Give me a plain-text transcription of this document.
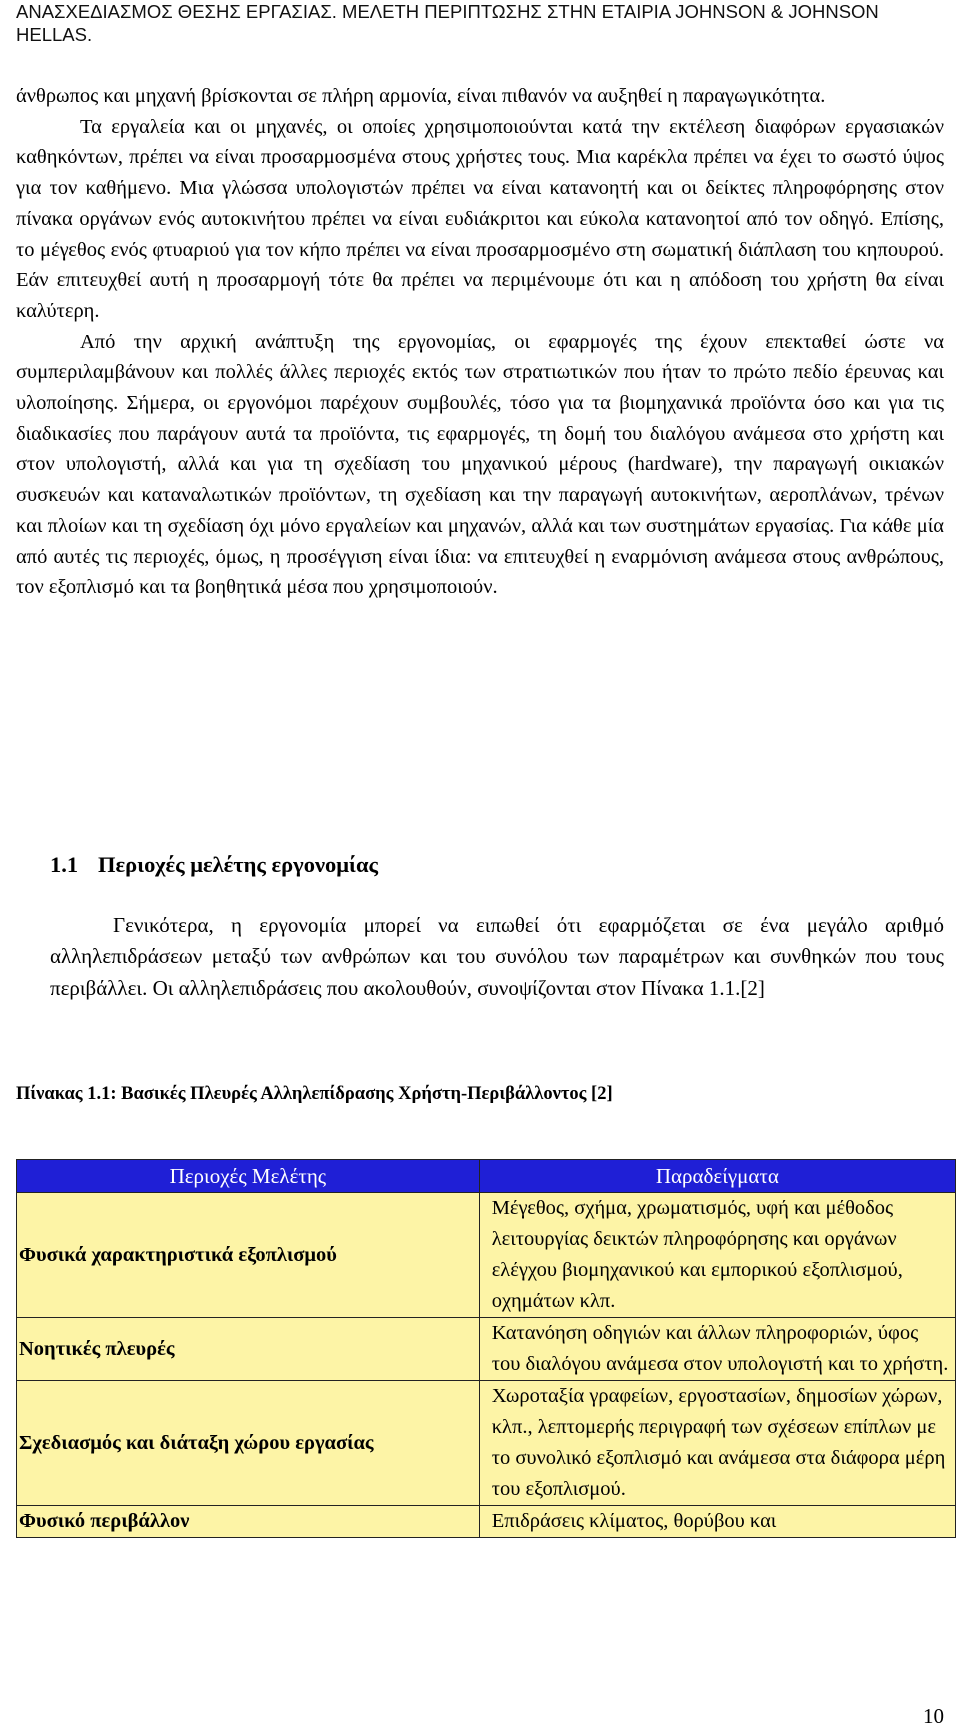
ΑΝΑΣΧΕΔΙΑΣΜΟΣ ΘΕΣΗΣ ΕΡΓΑΣΙΑΣ. ΜΕΛΕΤΗ ΠΕΡΙΠΤΩΣΗΣ ΣΤΗΝ ΕΤΑΙΡΙΑ JOHNSON & JOHNSON HELLAS.

άνθρωπος και μηχανή βρίσκονται σε πλήρη αρμονία, είναι πιθανόν να αυξηθεί η παραγωγικότητα.

Τα εργαλεία και οι μηχανές, οι οποίες χρησιμοποιούνται κατά την εκτέλεση διαφόρων εργασιακών καθηκόντων, πρέπει να είναι προσαρμοσμένα στους χρήστες τους. Μια καρέκλα πρέπει να έχει το σωστό ύψος για τον καθήμενο. Μια γλώσσα υπολογιστών πρέπει να είναι κατανοητή και οι δείκτες πληροφόρησης στον πίνακα οργάνων ενός αυτοκινήτου πρέπει να είναι ευδιάκριτοι και εύκολα κατανοητοί από τον οδηγό. Επίσης, το μέγεθος ενός φτυαριού για τον κήπο πρέπει να είναι προσαρμοσμένο στη σωματική διάπλαση του κηπουρού. Εάν επιτευχθεί αυτή η προσαρμογή τότε θα πρέπει να περιμένουμε ότι και η απόδοση του χρήστη θα είναι καλύτερη.

Από την αρχική ανάπτυξη της εργονομίας, οι εφαρμογές της έχουν επεκταθεί ώστε να συμπεριλαμβάνουν και πολλές άλλες περιοχές εκτός των στρατιωτικών που ήταν το πρώτο πεδίο έρευνας και υλοποίησης. Σήμερα, οι εργονόμοι παρέχουν συμβουλές, τόσο για τα βιομηχανικά προϊόντα όσο και για τις διαδικασίες που παράγουν αυτά τα προϊόντα, τις εφαρμογές, τη δομή του διαλόγου ανάμεσα στο χρήστη και στον υπολογιστή, αλλά και για τη σχεδίαση του μηχανικού μέρους (hardware), την παραγωγή οικιακών συσκευών και καταναλωτικών προϊόντων, τη σχεδίαση και την παραγωγή αυτοκινήτων, αεροπλάνων, τρένων και πλοίων και τη σχεδίαση όχι μόνο εργαλείων και μηχανών, αλλά και των συστημάτων εργασίας. Για κάθε μία από αυτές τις περιοχές, όμως, η προσέγγιση είναι ίδια: να επιτευχθεί η εναρμόνιση ανάμεσα στους ανθρώπους, τον εξοπλισμό και τα βοηθητικά μέσα που χρησιμοποιούν.

1.1 Περιοχές μελέτης εργονομίας

Γενικότερα, η εργονομία μπορεί να ειπωθεί ότι εφαρμόζεται σε ένα μεγάλο αριθμό αλληλεπιδράσεων μεταξύ των ανθρώπων και του συνόλου των παραμέτρων και συνθηκών που τους περιβάλλει. Οι αλληλεπιδράσεις που ακολουθούν, συνοψίζονται στον Πίνακα 1.1.[2]

Πίνακας 1.1: Βασικές Πλευρές Αλληλεπίδρασης Χρήστη-Περιβάλλοντος [2]
Περιοχές Μελέτης	Παραδείγματα
Φυσικά χαρακτηριστικά εξοπλισμού	Μέγεθος, σχήμα, χρωματισμός, υφή και μέθοδος λειτουργίας δεικτών πληροφόρησης και οργάνων ελέγχου βιομηχανικού και εμπορικού εξοπλισμού, οχημάτων κλπ.
Νοητικές πλευρές	Κατανόηση οδηγιών και άλλων πληροφοριών, ύφος του διαλόγου ανάμεσα στον υπολογιστή και το χρήστη.
Σχεδιασμός και διάταξη χώρου εργασίας	Χωροταξία γραφείων, εργοστασίων, δημοσίων χώρων, κλπ., λεπτομερής περιγραφή των σχέσεων επίπλων με το συνολικό εξοπλισμό και ανάμεσα στα διάφορα μέρη του εξοπλισμού.
Φυσικό περιβάλλον	Επιδράσεις κλίματος, θορύβου και
10
